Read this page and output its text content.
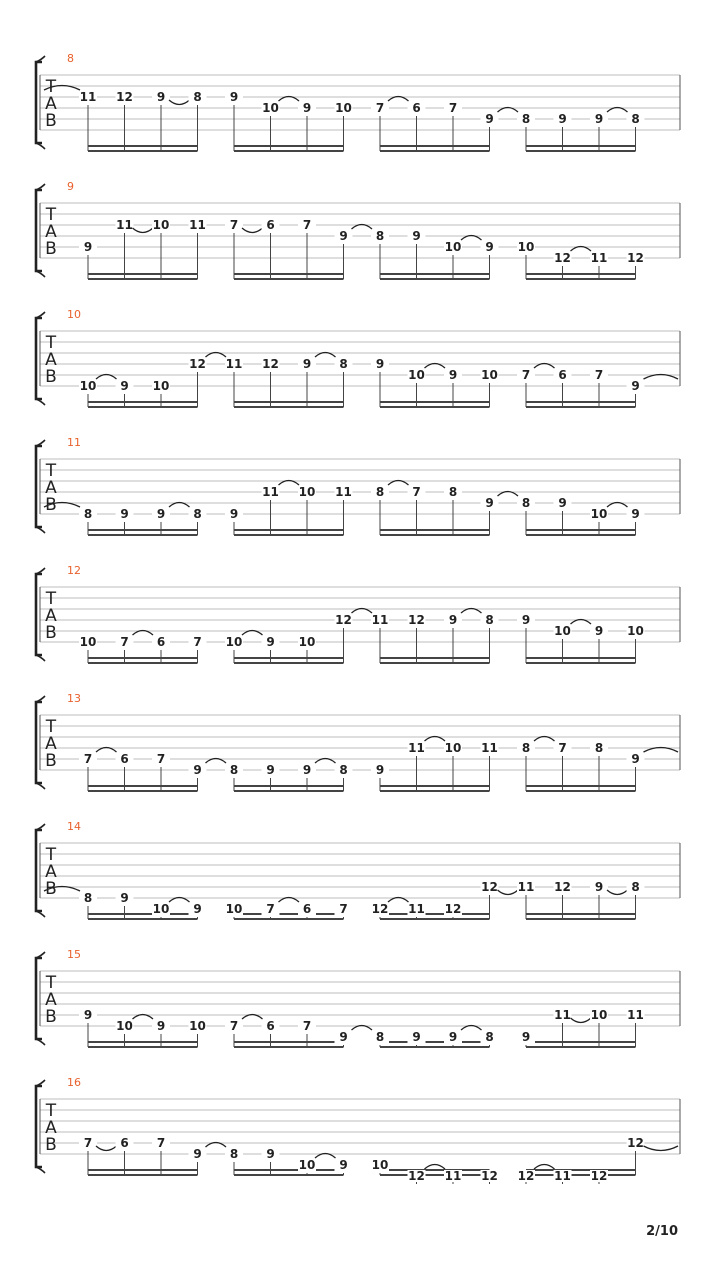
T
A
B
8
11 12 9 8 9
10 9 10 7 6 7
9 8 9 9 8
T
A
B
9
9
11 10 11 7 6 7
9 8 9
10 9 10
12 11 12
T
A
B
10
10 9 10
12 11 12 9 8 9
10 9 10 7 6 7
9
T
A
B
11
8 9 9 8 9
11 10 11 8 7 8
9 8 9
10 9
T
A
B
12
10 7 6 7 10 9 10
12 11 12 9 8 9
10 9 10
T
A
B
13
7 6 7
9 8 9 9 8 9
11 10 11 8 7 8
9
T
A
B
14
8 9
10 9 10 7 6 7 12 11 12
12 11 12 9 8
T
A
B
15
9
10 9 10 7 6 7
9 8 9 9 8 9
11 10 11
T
A
B
16
7 6 7
9 8 9
10 9 10
12 11 12 12 11 12
12
2/10
